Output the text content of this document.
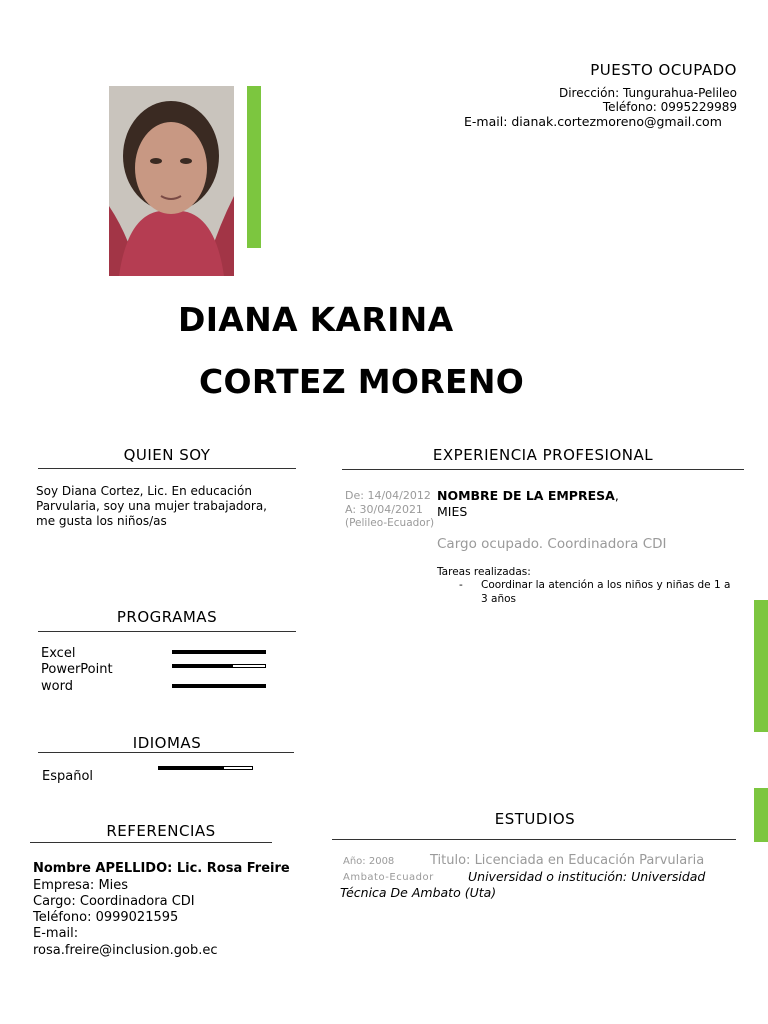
PUESTO OCUPADO
Dirección: Tungurahua-Pelileo
Teléfono: 0995229989
E-mail: dianak.cortezmoreno@gmail.com
DIANA KARINA
CORTEZ MORENO
QUIEN SOY
Soy Diana Cortez, Lic. En educación Parvularia, soy una mujer trabajadora, me gusta los niños/as
PROGRAMAS
Excel
PowerPoint
word
IDIOMAS
Español
REFERENCIAS
Nombre APELLIDO: Lic. Rosa Freire
Empresa: Mies
Cargo: Coordinadora CDI
Teléfono: 0999021595
E-mail:
rosa.freire@inclusion.gob.ec
EXPERIENCIA PROFESIONAL
De: 14/04/2012
A: 30/04/2021
(Pelileo-Ecuador)
NOMBRE DE LA EMPRESA,
MIES
Cargo ocupado. Coordinadora CDI
Tareas realizadas:
- Coordinar la atención a los niños y niñas de 1 a 3 años
ESTUDIOS
Año: 2008
Ambato-Ecuador
Titulo: Licenciada en Educación Parvularia
Universidad o institución: Universidad Técnica De Ambato (Uta)
